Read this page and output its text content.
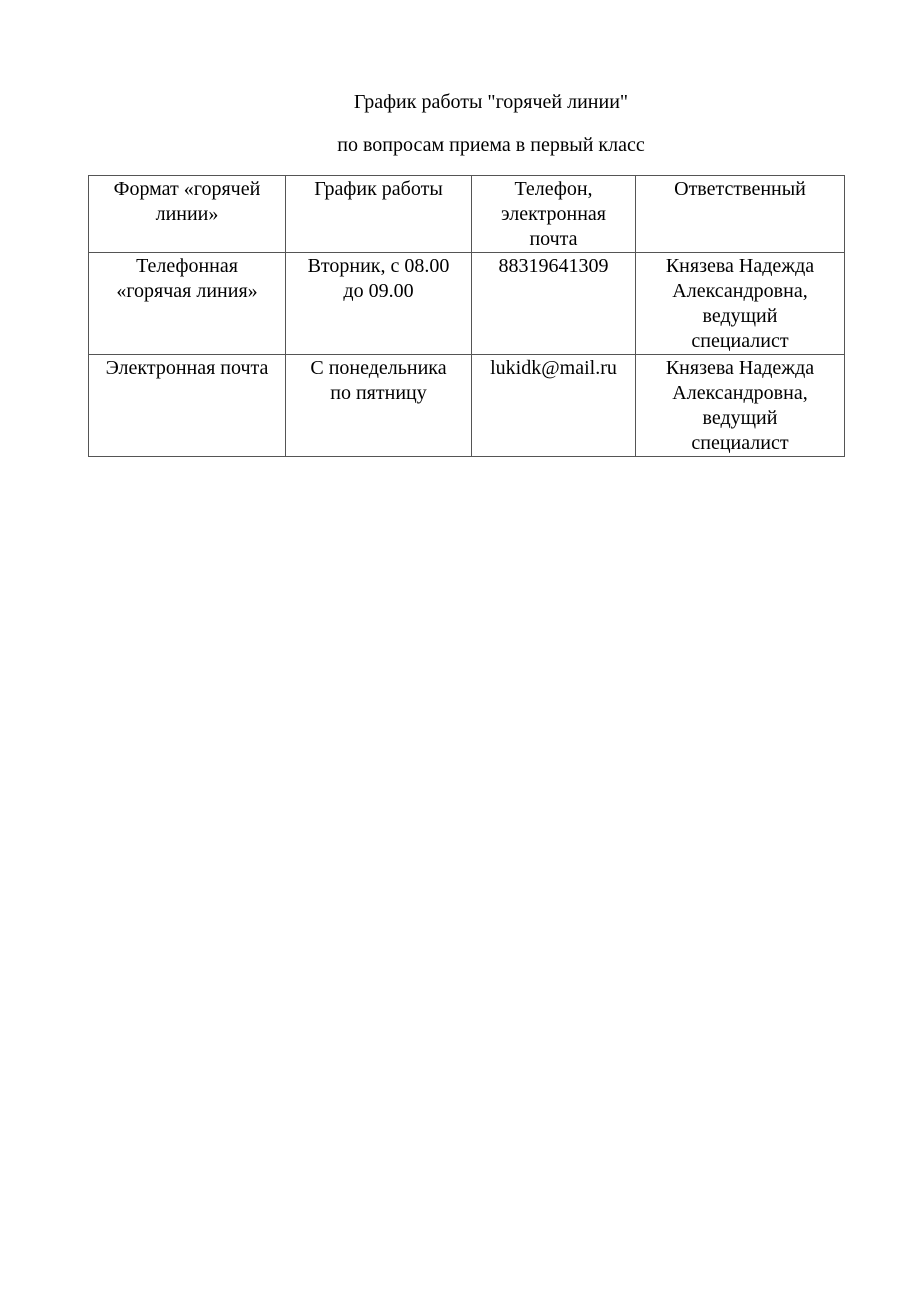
График работы "горячей линии"
по вопросам приема в первый класс
Формат «горячей
линии»	График работы	Телефон,
электронная
почта	Ответственный

Телефонная
«горячая линия»	Вторник, с 08.00
до 09.00	88319641309	Князева Надежда
Александровна,
ведущий
специалист

Электронная почта	С понедельника
по пятницу	lukidk@mail.ru	Князева Надежда
Александровна,
ведущий
специалист
